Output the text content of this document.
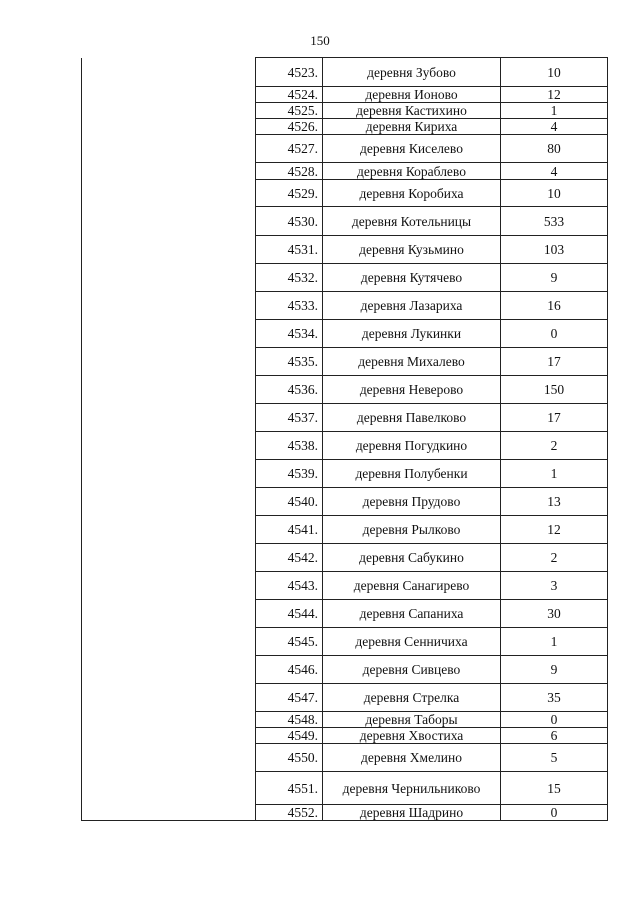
150
	4523.	деревня Зубово	10
	4524.	деревня Ионово	12
	4525.	деревня Кастихино	1
	4526.	деревня Кириха	4
	4527.	деревня Киселево	80
	4528.	деревня Кораблево	4
	4529.	деревня Коробиха	10
	4530.	деревня Котельницы	533
	4531.	деревня Кузьмино	103
	4532.	деревня Кутячево	9
	4533.	деревня Лазариха	16
	4534.	деревня Лукинки	0
	4535.	деревня Михалево	17
	4536.	деревня Неверово	150
	4537.	деревня Павелково	17
	4538.	деревня Погудкино	2
	4539.	деревня Полубенки	1
	4540.	деревня Прудово	13
	4541.	деревня Рылково	12
	4542.	деревня Сабукино	2
	4543.	деревня Санагирево	3
	4544.	деревня Сапаниха	30
	4545.	деревня Сенничиха	1
	4546.	деревня Сивцево	9
	4547.	деревня Стрелка	35
	4548.	деревня Таборы	0
	4549.	деревня Хвостиха	6
	4550.	деревня Хмелино	5
	4551.	деревня Чернильниково	15
	4552.	деревня Шадрино	0
